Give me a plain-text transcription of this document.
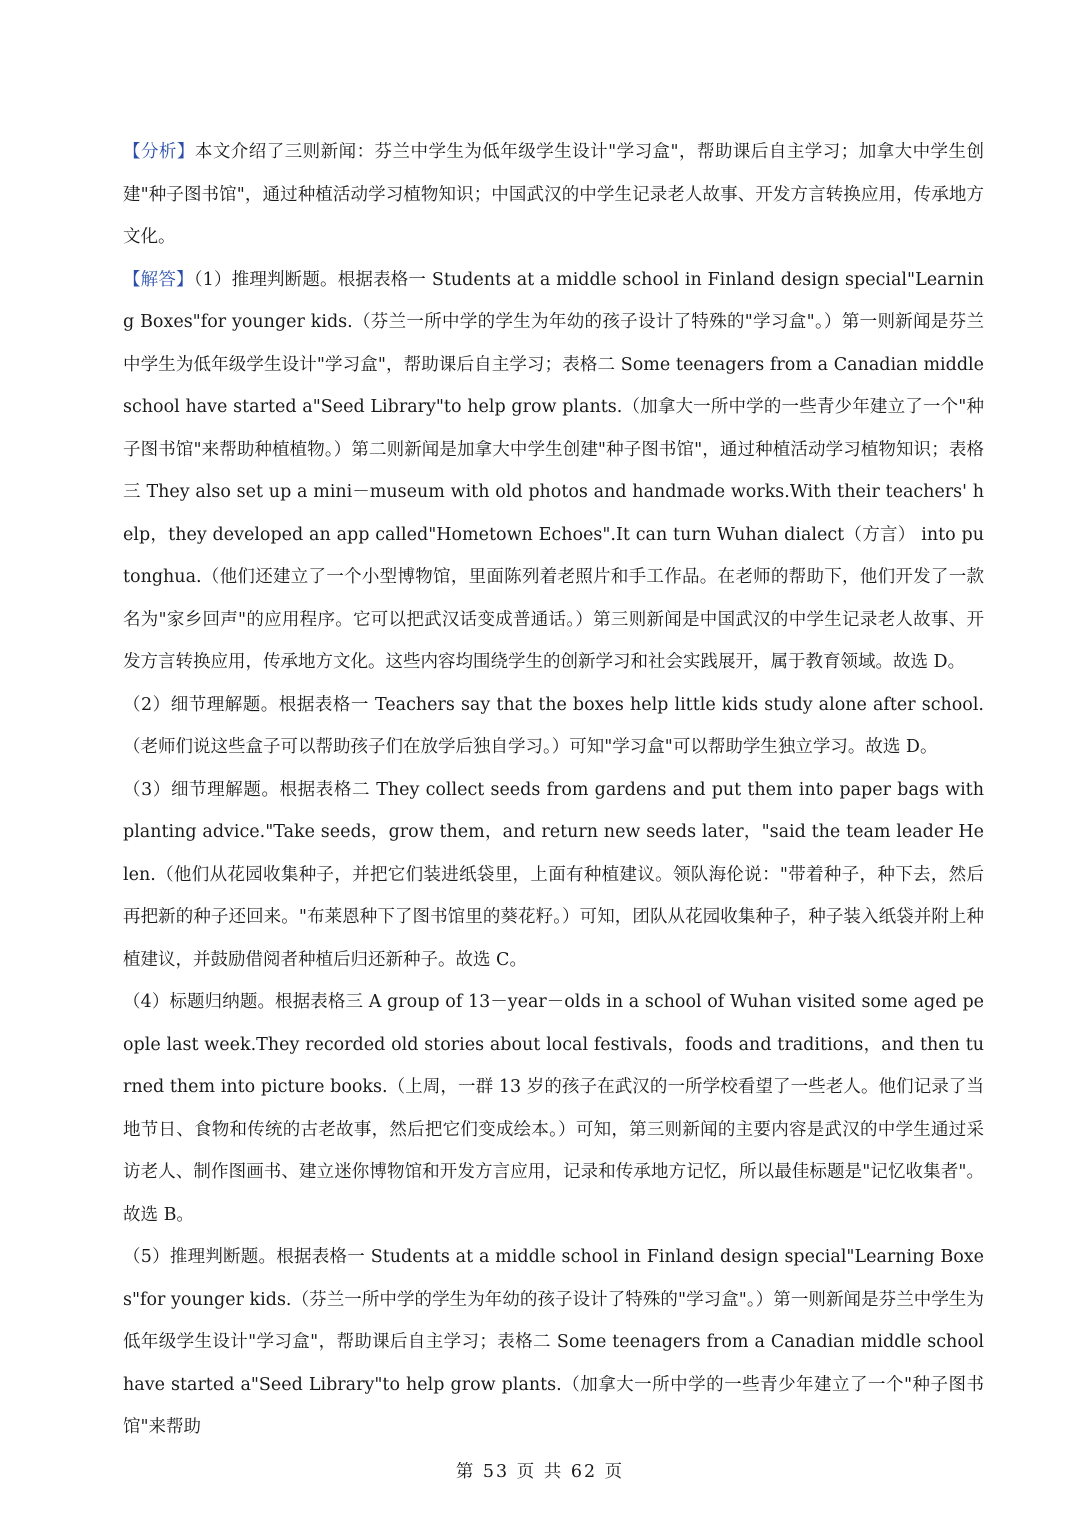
【分析】本文介绍了三则新闻：芬兰中学生为低年级学生设计"学习盒"，帮助课后自主学习；加拿大中学生创建"种子图书馆"，通过种植活动学习植物知识；中国武汉的中学生记录老人故事、开发方言转换应用，传承地方文化。

【解答】（1）推理判断题。根据表格一 Students at a middle school in Finland design special"Learning Boxes"for younger kids.（芬兰一所中学的学生为年幼的孩子设计了特殊的"学习盒"。）第一则新闻是芬兰中学生为低年级学生设计"学习盒"，帮助课后自主学习；表格二 Some teenagers from a Canadian middle school have started a"Seed Library"to help grow plants.（加拿大一所中学的一些青少年建立了一个"种子图书馆"来帮助种植植物。）第二则新闻是加拿大中学生创建"种子图书馆"，通过种植活动学习植物知识；表格三 They also set up a mini－museum with old photos and handmade works.With their teachers' help，they developed an app called"Hometown Echoes".It can turn Wuhan dialect（方言） into putonghua.（他们还建立了一个小型博物馆，里面陈列着老照片和手工作品。在老师的帮助下，他们开发了一款名为"家乡回声"的应用程序。它可以把武汉话变成普通话。）第三则新闻是中国武汉的中学生记录老人故事、开发方言转换应用，传承地方文化。这些内容均围绕学生的创新学习和社会实践展开，属于教育领域。故选 D。

（2）细节理解题。根据表格一 Teachers say that the boxes help little kids study alone after school.（老师们说这些盒子可以帮助孩子们在放学后独自学习。）可知"学习盒"可以帮助学生独立学习。故选 D。

（3）细节理解题。根据表格二 They collect seeds from gardens and put them into paper bags with planting advice."Take seeds，grow them，and return new seeds later，"said the team leader Helen.（他们从花园收集种子，并把它们装进纸袋里，上面有种植建议。领队海伦说："带着种子，种下去，然后再把新的种子还回来。"布莱恩种下了图书馆里的葵花籽。）可知，团队从花园收集种子，种子装入纸袋并附上种植建议，并鼓励借阅者种植后归还新种子。故选 C。

（4）标题归纳题。根据表格三 A group of 13－year－olds in a school of Wuhan visited some aged people last week.They recorded old stories about local festivals，foods and traditions，and then turned them into picture books.（上周，一群 13 岁的孩子在武汉的一所学校看望了一些老人。他们记录了当地节日、食物和传统的古老故事，然后把它们变成绘本。）可知，第三则新闻的主要内容是武汉的中学生通过采访老人、制作图画书、建立迷你博物馆和开发方言应用，记录和传承地方记忆，所以最佳标题是"记忆收集者"。故选 B。

（5）推理判断题。根据表格一 Students at a middle school in Finland design special"Learning Boxes"for younger kids.（芬兰一所中学的学生为年幼的孩子设计了特殊的"学习盒"。）第一则新闻是芬兰中学生为低年级学生设计"学习盒"，帮助课后自主学习；表格二 Some teenagers from a Canadian middle school have started a"Seed Library"to help grow plants.（加拿大一所中学的一些青少年建立了一个"种子图书馆"来帮助

第 53 页 共 62 页
